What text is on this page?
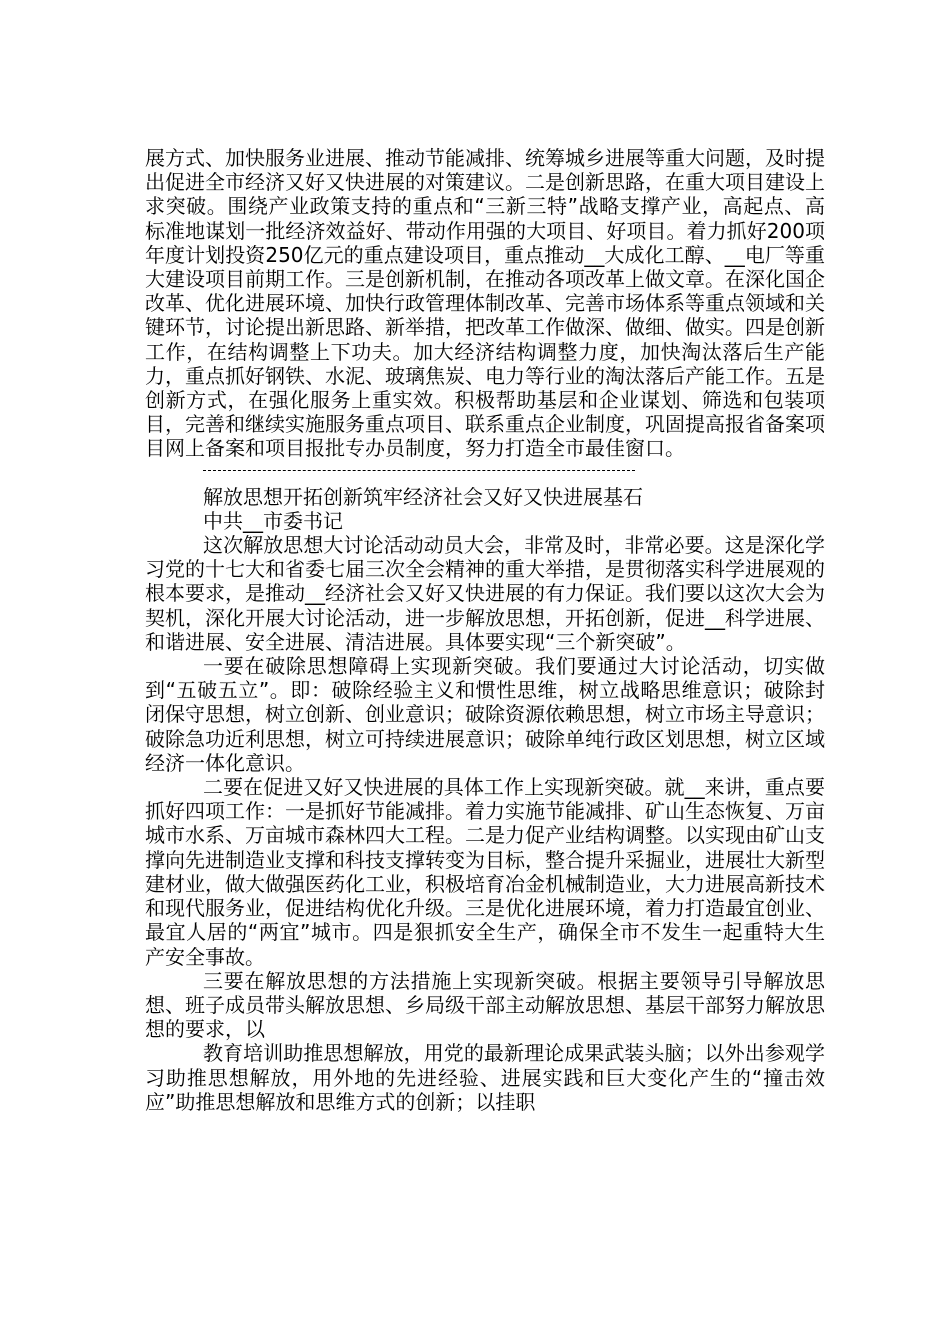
展方式、加快服务业进展、推动节能减排、统筹城乡进展等重大问题，及时提出促进全市经济又好又快进展的对策建议。二是创新思路，在重大项目建设上求突破。围绕产业政策支持的重点和“三新三特”战略支撑产业，高起点、高标准地谋划一批经济效益好、带动作用强的大项目、好项目。着力抓好200项年度计划投资250亿元的重点建设项目，重点推动__大成化工醇、__电厂等重大建设项目前期工作。三是创新机制，在推动各项改革上做文章。在深化国企改革、优化进展环境、加快行政管理体制改革、完善市场体系等重点领域和关键环节，讨论提出新思路、新举措，把改革工作做深、做细、做实。四是创新工作，在结构调整上下功夫。加大经济结构调整力度，加快淘汰落后生产能力，重点抓好钢铁、水泥、玻璃焦炭、电力等行业的淘汰落后产能工作。五是创新方式，在强化服务上重实效。积极帮助基层和企业谋划、筛选和包装项目，完善和继续实施服务重点项目、联系重点企业制度，巩固提高报省备案项目网上备案和项目报批专办员制度，努力打造全市最佳窗口。

解放思想开拓创新筑牢经济社会又好又快进展基石

中共__市委书记

这次解放思想大讨论活动动员大会，非常及时，非常必要。这是深化学习党的十七大和省委七届三次全会精神的重大举措，是贯彻落实科学进展观的根本要求，是推动__经济社会又好又快进展的有力保证。我们要以这次大会为契机，深化开展大讨论活动，进一步解放思想，开拓创新，促进__科学进展、和谐进展、安全进展、清洁进展。具体要实现“三个新突破”。

一要在破除思想障碍上实现新突破。我们要通过大讨论活动，切实做到“五破五立”。即：破除经验主义和惯性思维，树立战略思维意识；破除封闭保守思想，树立创新、创业意识；破除资源依赖思想，树立市场主导意识；破除急功近利思想，树立可持续进展意识；破除单纯行政区划思想，树立区域经济一体化意识。

二要在促进又好又快进展的具体工作上实现新突破。就__来讲，重点要抓好四项工作：一是抓好节能减排。着力实施节能减排、矿山生态恢复、万亩城市水系、万亩城市森林四大工程。二是力促产业结构调整。以实现由矿山支撑向先进制造业支撑和科技支撑转变为目标，整合提升采掘业，进展壮大新型建材业，做大做强医药化工业，积极培育冶金机械制造业，大力进展高新技术和现代服务业，促进结构优化升级。三是优化进展环境，着力打造最宜创业、最宜人居的“两宜”城市。四是狠抓安全生产，确保全市不发生一起重特大生产安全事故。

三要在解放思想的方法措施上实现新突破。根据主要领导引导解放思想、班子成员带头解放思想、乡局级干部主动解放思想、基层干部努力解放思想的要求，以

教育培训助推思想解放，用党的最新理论成果武装头脑；以外出参观学习助推思想解放，用外地的先进经验、进展实践和巨大变化产生的“撞击效应”助推思想解放和思维方式的创新；以挂职
